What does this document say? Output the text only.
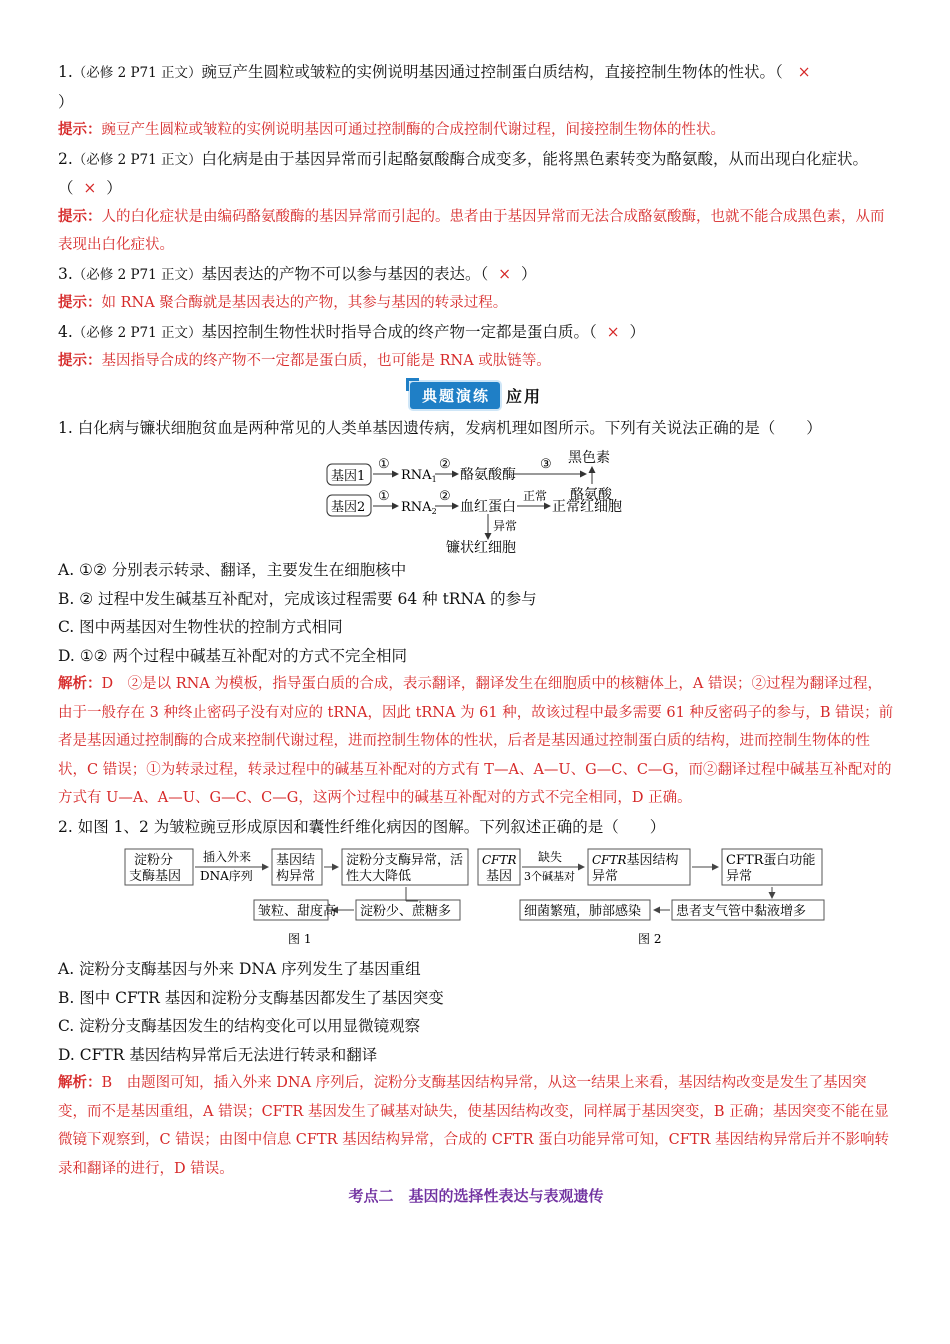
1.（必修 2 P71 正文）豌豆产生圆粒或皱粒的实例说明基因通过控制蛋白质结构，直接控制生物体的性状。（ ×
）

提示：豌豆产生圆粒或皱粒的实例说明基因可通过控制酶的合成控制代谢过程，间接控制生物体的性状。

2.（必修 2 P71 正文）白化病是由于基因异常而引起酪氨酸酶合成变多，能将黑色素转变为酪氨酸，从而出现白化症状。（ × ）

提示：人的白化症状是由编码酪氨酸酶的基因异常而引起的。患者由于基因异常而无法合成酪氨酸酶，也就不能合成黑色素，从而表现出白化症状。

3.（必修 2 P71 正文）基因表达的产物不可以参与基因的表达。（ × ）

提示：如 RNA 聚合酶就是基因表达的产物，其参与基因的转录过程。

4.（必修 2 P71 正文）基因控制生物性状时指导合成的终产物一定都是蛋白质。（ × ）

提示：基因指导合成的终产物不一定都是蛋白质，也可能是 RNA 或肽链等。

典题演练	应用

1. 白化病与镰状细胞贫血是两种常见的人类单基因遗传病，发病机理如图所示。下列有关说法正确的是（　　）

基因1
①
$RNA_1$
②
酪氨酸酶
③ 黑色素
酪氨酸
基因2
①
$RNA_2$
②
血红蛋白
正常
正常红细胞
异常
镰状红细胞

A. ①② 分别表示转录、翻译，主要发生在细胞核中

B. ② 过程中发生碱基互补配对，完成该过程需要 64 种 tRNA 的参与

C. 图中两基因对生物性状的控制方式相同

D. ①② 两个过程中碱基互补配对的方式不完全相同

解析：D　②是以 RNA 为模板，指导蛋白质的合成，表示翻译，翻译发生在细胞质中的核糖体上，A 错误；②过程为翻译过程，由于一般存在 3 种终止密码子没有对应的 tRNA，因此 tRNA 为 61 种，故该过程中最多需要 61 种反密码子的参与，B 错误；前者是基因通过控制酶的合成来控制代谢过程，进而控制生物体的性状，后者是基因通过控制蛋白质的结构，进而控制生物体的性状，C 错误；①为转录过程，转录过程中的碱基互补配对的方式有 T—A、A—U、G—C、C—G，而②翻译过程中碱基互补配对的方式有 U—A、A—U、G—C、C—G，这两个过程中的碱基互补配对的方式不完全相同，D 正确。

2. 如图 1、2 为皱粒豌豆形成原因和囊性纤维化病因的图解。下列叙述正确的是（　　）

淀粉分
支酶基因
插入外来
DNA序列
基因结
构异常
淀粉分支酶异常，活
性大大降低
淀粉少、蔗糖多
皱粒、甜度高
图 1
CFTR
基因
缺失
3个碱基对
CFTR基因结构
异常
CFTR蛋白功能
异常
患者支气管中黏液增多
细菌繁殖，肺部感染
图 2

A. 淀粉分支酶基因与外来 DNA 序列发生了基因重组

B. 图中 CFTR 基因和淀粉分支酶基因都发生了基因突变

C. 淀粉分支酶基因发生的结构变化可以用显微镜观察

D. CFTR 基因结构异常后无法进行转录和翻译

解析：B　由题图可知，插入外来 DNA 序列后，淀粉分支酶基因结构异常，从这一结果上来看，基因结构改变是发生了基因突变，而不是基因重组，A 错误；CFTR 基因发生了碱基对缺失，使基因结构改变，同样属于基因突变，B 正确；基因突变不能在显微镜下观察到，C 错误；由图中信息 CFTR 基因结构异常，合成的 CFTR 蛋白功能异常可知，CFTR 基因结构异常后并不影响转录和翻译的进行，D 错误。

考点二　基因的选择性表达与表观遗传
